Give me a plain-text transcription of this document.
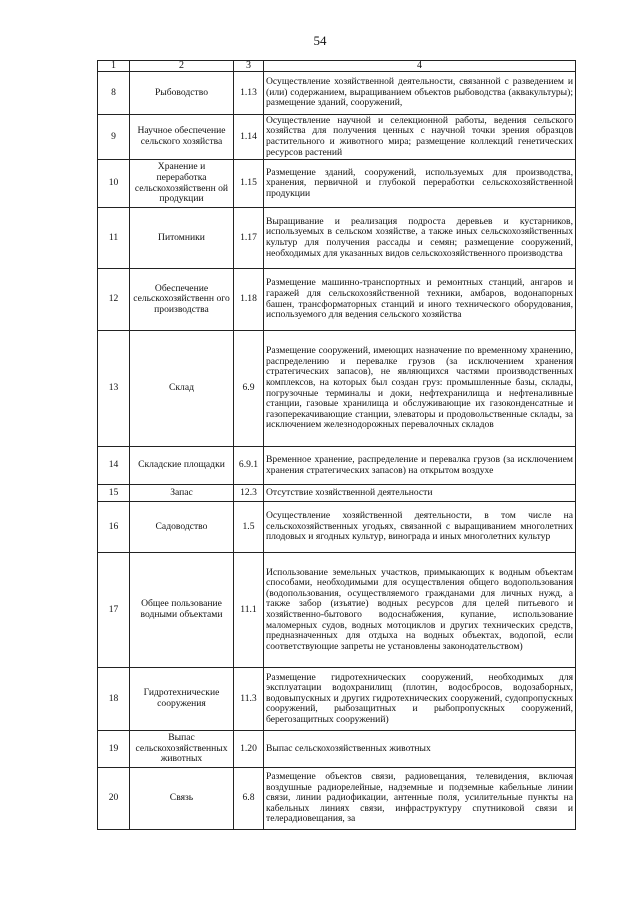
54
1	2	3	4
8	Рыбоводство	1.13	Осуществление хозяйственной деятельности, связанной с разведением и (или) содержанием, выращиванием объектов рыбоводства (аквакультуры); размещение зданий, сооружений,
9	Научное обеспечение сельского хозяйства	1.14	Осуществление научной и селекционной работы, ведения сельского хозяйства для получения ценных с научной точки зрения образцов растительного и животного мира; размещение коллекций генетических ресурсов растений
10	Хранение и переработка сельскохозяйственн ой продукции	1.15	Размещение зданий, сооружений, используемых для производства, хранения, первичной и глубокой переработки сельскохозяйственной продукции
11	Питомники	1.17	Выращивание и реализация подроста деревьев и кустарников, используемых в сельском хозяйстве, а также иных сельскохозяйственных культур для получения рассады и семян; размещение сооружений, необходимых для указанных видов сельскохозяйственного производства
12	Обеспечение сельскохозяйственн ого производства	1.18	Размещение машинно-транспортных и ремонтных станций, ангаров и гаражей для сельскохозяйственной техники, амбаров, водонапорных башен, трансформаторных станций и иного технического оборудования, используемого для ведения сельского хозяйства
13	Склад	6.9	Размещение сооружений, имеющих назначение по временному хранению, распределению и перевалке грузов (за исключением хранения стратегических запасов), не являющихся частями производственных комплексов, на которых был создан груз: промышленные базы, склады, погрузочные терминалы и доки, нефтехранилища и нефтеналивные станции, газовые хранилища и обслуживающие их газоконденсатные и газоперекачивающие станции, элеваторы и продовольственные склады, за исключением железнодорожных перевалочных складов
14	Складские площадки	6.9.1	Временное хранение, распределение и перевалка грузов (за исключением хранения стратегических запасов) на открытом воздухе
15	Запас	12.3	Отсутствие хозяйственной деятельности
16	Садоводство	1.5	Осуществление хозяйственной деятельности, в том числе на сельскохозяйственных угодьях, связанной с выращиванием многолетних плодовых и ягодных культур, винограда и иных многолетних культур
17	Общее пользование водными объектами	11.1	Использование земельных участков, примыкающих к водным объектам способами, необходимыми для осуществления общего водопользования (водопользования, осуществляемого гражданами для личных нужд, а также забор (изъятие) водных ресурсов для целей питьевого и хозяйственно-бытового водоснабжения, купание, использование маломерных судов, водных мотоциклов и других технических средств, предназначенных для отдыха на водных объектах, водопой, если соответствующие запреты не установлены законодательством)
18	Гидротехнические сооружения	11.3	Размещение гидротехнических сооружений, необходимых для эксплуатации водохранилищ (плотин, водосбросов, водозаборных, водовыпускных и других гидротехнических сооружений, судопропускных сооружений, рыбозащитных и рыбопропускных сооружений, берегозащитных сооружений)
19	Выпас сельскохозяйственных животных	1.20	Выпас сельскохозяйственных животных
20	Связь	6.8	Размещение объектов связи, радиовещания, телевидения, включая воздушные радиорелейные, надземные и подземные кабельные линии связи, линии радиофикации, антенные поля, усилительные пункты на кабельных линиях связи, инфраструктуру спутниковой связи и телерадиовещания, за
